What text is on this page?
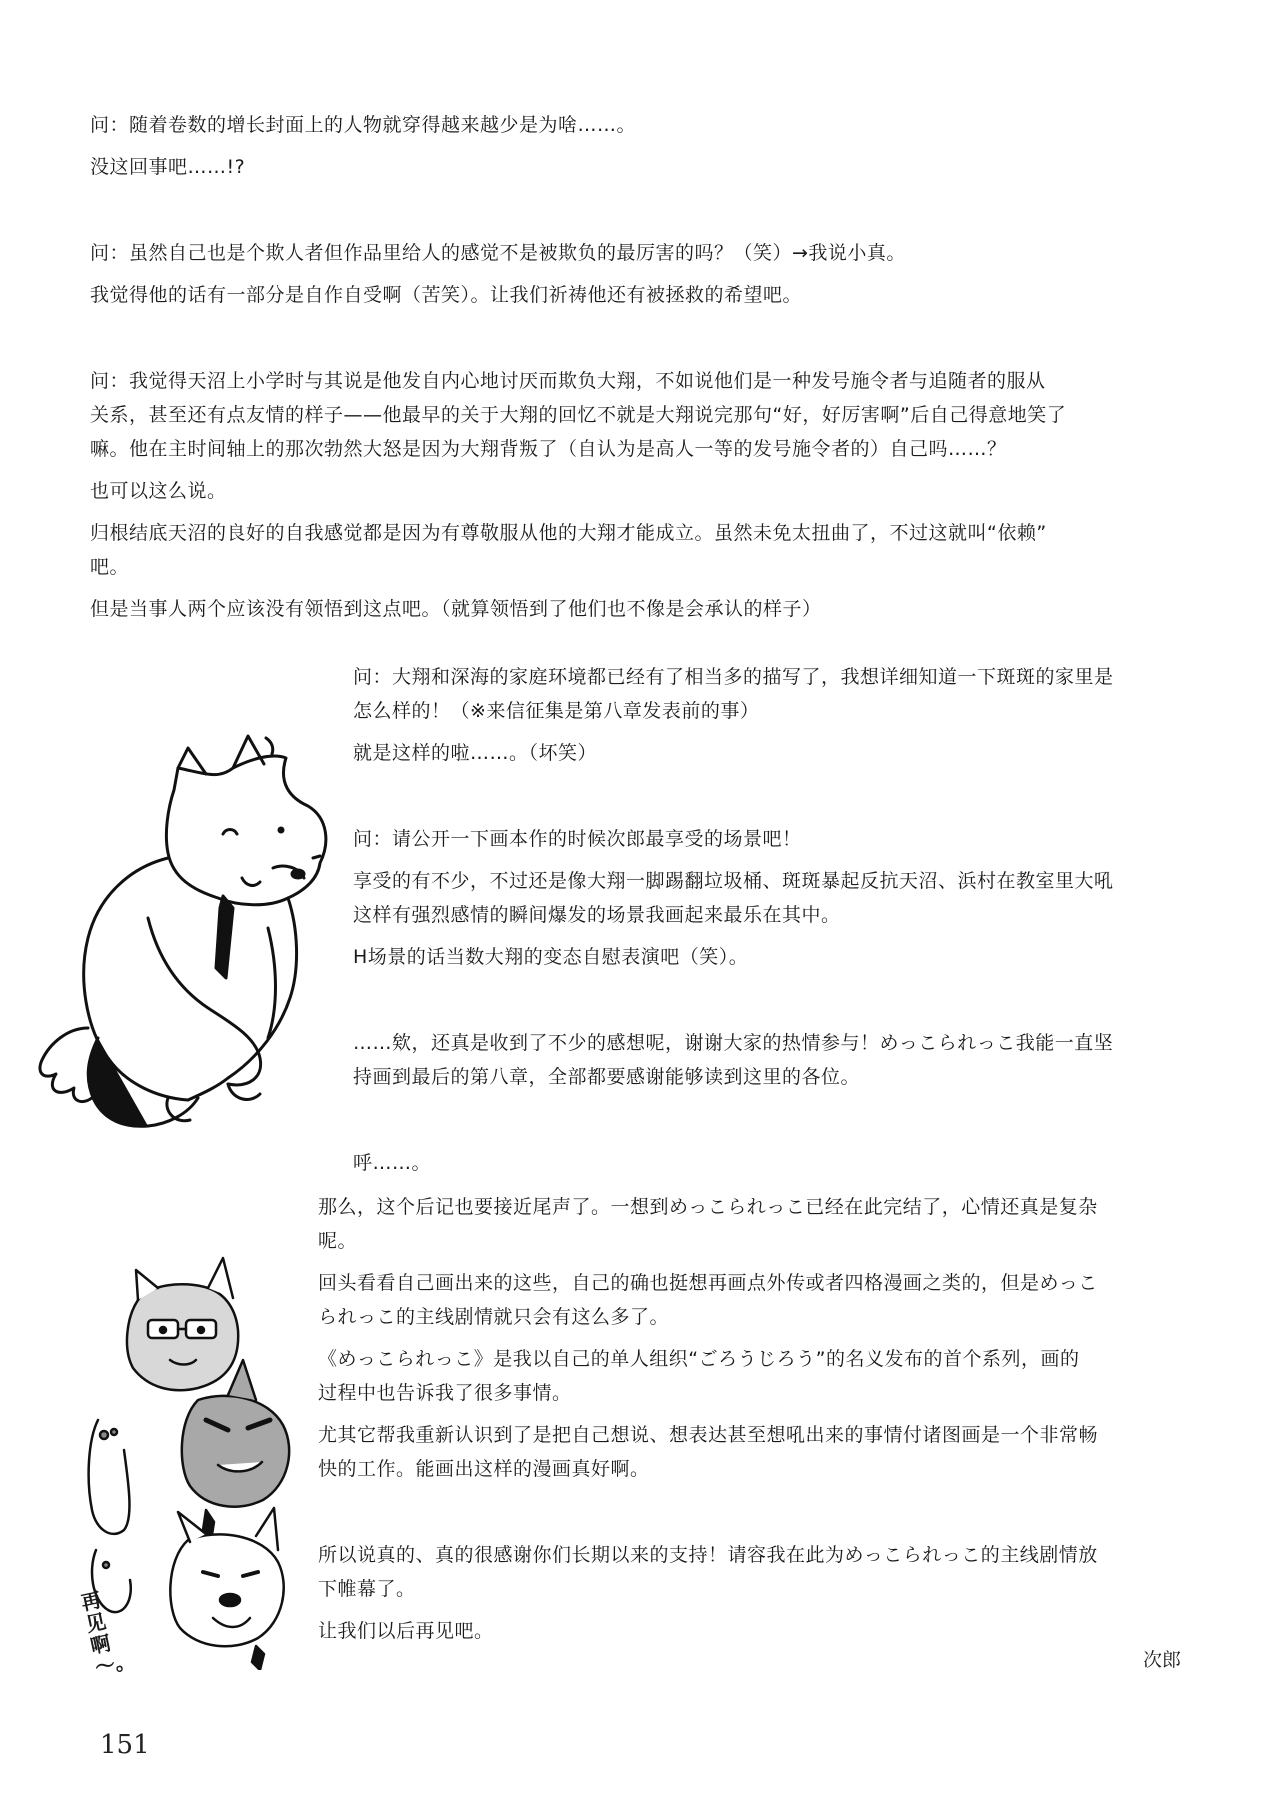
问：随着卷数的增长封面上的人物就穿得越来越少是为啥……。

没这回事吧……!?

问：虽然自己也是个欺人者但作品里给人的感觉不是被欺负的最厉害的吗？（笑）→我说小真。

我觉得他的话有一部分是自作自受啊（苦笑）。让我们祈祷他还有被拯救的希望吧。

问：我觉得天沼上小学时与其说是他发自内心地讨厌而欺负大翔，不如说他们是一种发号施令者与追随者的服从

关系，甚至还有点友情的样子——他最早的关于大翔的回忆不就是大翔说完那句“好，好厉害啊”后自己得意地笑了

嘛。他在主时间轴上的那次勃然大怒是因为大翔背叛了（自认为是高人一等的发号施令者的）自己吗……？

也可以这么说。

归根结底天沼的良好的自我感觉都是因为有尊敬服从他的大翔才能成立。虽然未免太扭曲了，不过这就叫“依赖”

吧。

但是当事人两个应该没有领悟到这点吧。（就算领悟到了他们也不像是会承认的样子）

问：大翔和深海的家庭环境都已经有了相当多的描写了，我想详细知道一下斑斑的家里是

怎么样的！（※来信征集是第八章发表前的事）

就是这样的啦……。（坏笑）

问：请公开一下画本作的时候次郎最享受的场景吧！

享受的有不少，不过还是像大翔一脚踢翻垃圾桶、斑斑暴起反抗天沼、浜村在教室里大吼

这样有强烈感情的瞬间爆发的场景我画起来最乐在其中。

H场景的话当数大翔的变态自慰表演吧（笑）。

……欸，还真是收到了不少的感想呢，谢谢大家的热情参与！めっこられっこ我能一直坚

持画到最后的第八章，全部都要感谢能够读到这里的各位。

呼……。

那么，这个后记也要接近尾声了。一想到めっこられっこ已经在此完结了，心情还真是复杂

呢。

回头看看自己画出来的这些，自己的确也挺想再画点外传或者四格漫画之类的，但是めっこ

られっこ的主线剧情就只会有这么多了。

《めっこられっこ》是我以自己的单人组织“ごろうじろう”的名义发布的首个系列，画的

过程中也告诉我了很多事情。

尤其它帮我重新认识到了是把自己想说、想表达甚至想吼出来的事情付诸图画是一个非常畅

快的工作。能画出这样的漫画真好啊。

所以说真的、真的很感谢你们长期以来的支持！请容我在此为めっこられっこ的主线剧情放

下帷幕了。

让我们以后再见吧。

次郎
151
再见啊～。
